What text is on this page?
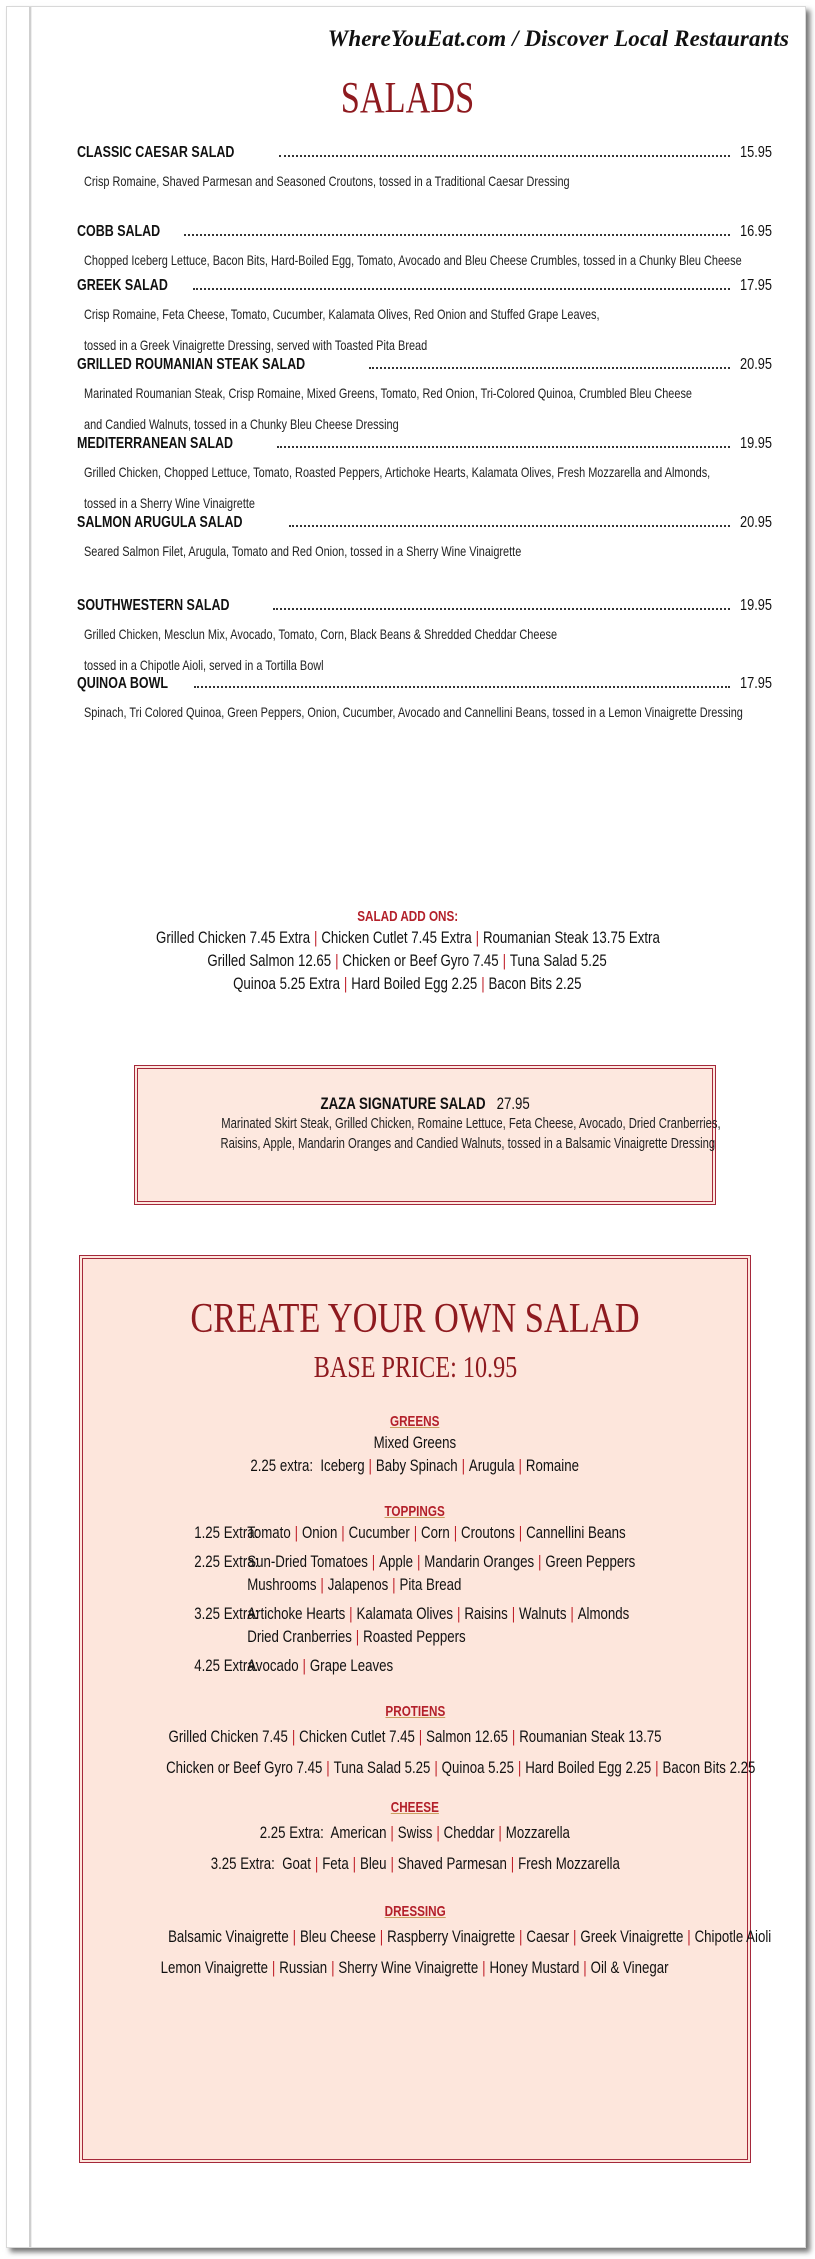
WhereYouEat.com / Discover Local Restaurants
SALADS
CLASSIC CAESAR SALAD	15.95
Crisp Romaine, Shaved Parmesan and Seasoned Croutons, tossed in a Traditional Caesar Dressing
COBB SALAD	16.95
Chopped Iceberg Lettuce, Bacon Bits, Hard-Boiled Egg, Tomato, Avocado and Bleu Cheese Crumbles, tossed in a Chunky Bleu Cheese
GREEK SALAD	17.95
Crisp Romaine, Feta Cheese, Tomato, Cucumber, Kalamata Olives, Red Onion and Stuffed Grape Leaves,
tossed in a Greek Vinaigrette Dressing, served with Toasted Pita Bread
GRILLED ROUMANIAN STEAK SALAD	20.95
Marinated Roumanian Steak, Crisp Romaine, Mixed Greens, Tomato, Red Onion, Tri-Colored Quinoa, Crumbled Bleu Cheese
and Candied Walnuts, tossed in a Chunky Bleu Cheese Dressing
MEDITERRANEAN SALAD	19.95
Grilled Chicken, Chopped Lettuce, Tomato, Roasted Peppers, Artichoke Hearts, Kalamata Olives, Fresh Mozzarella and Almonds,
tossed in a Sherry Wine Vinaigrette
SALMON ARUGULA SALAD	20.95
Seared Salmon Filet, Arugula, Tomato and Red Onion, tossed in a Sherry Wine Vinaigrette
SOUTHWESTERN SALAD	19.95
Grilled Chicken, Mesclun Mix, Avocado, Tomato, Corn, Black Beans & Shredded Cheddar Cheese
tossed in a Chipotle Aioli, served in a Tortilla Bowl
QUINOA BOWL	17.95
Spinach, Tri Colored Quinoa, Green Peppers, Onion, Cucumber, Avocado and Cannellini Beans, tossed in a Lemon Vinaigrette Dressing
SALAD ADD ONS:
Grilled Chicken 7.45 Extra | Chicken Cutlet 7.45 Extra | Roumanian Steak 13.75 Extra
Grilled Salmon 12.65 | Chicken or Beef Gyro 7.45 | Tuna Salad 5.25
Quinoa 5.25 Extra | Hard Boiled Egg 2.25 | Bacon Bits 2.25
ZAZA SIGNATURE SALAD 27.95
Marinated Skirt Steak, Grilled Chicken, Romaine Lettuce, Feta Cheese, Avocado, Dried Cranberries,
Raisins, Apple, Mandarin Oranges and Candied Walnuts, tossed in a Balsamic Vinaigrette Dressing
CREATE YOUR OWN SALAD
BASE PRICE: 10.95
GREENS
Mixed Greens
2.25 extra: Iceberg | Baby Spinach | Arugula | Romaine
TOPPINGS
1.25 Extra:
Tomato | Onion | Cucumber | Corn | Croutons | Cannellini Beans
2.25 Extra:
Sun-Dried Tomatoes | Apple | Mandarin Oranges | Green Peppers
Mushrooms | Jalapenos | Pita Bread
3.25 Extra:
Artichoke Hearts | Kalamata Olives | Raisins | Walnuts | Almonds
Dried Cranberries | Roasted Peppers
4.25 Extra:
Avocado | Grape Leaves
PROTIENS
Grilled Chicken 7.45 | Chicken Cutlet 7.45 | Salmon 12.65 | Roumanian Steak 13.75
Chicken or Beef Gyro 7.45 | Tuna Salad 5.25 | Quinoa 5.25 | Hard Boiled Egg 2.25 | Bacon Bits 2.25
CHEESE
2.25 Extra: American | Swiss | Cheddar | Mozzarella
3.25 Extra: Goat | Feta | Bleu | Shaved Parmesan | Fresh Mozzarella
DRESSING
Balsamic Vinaigrette | Bleu Cheese | Raspberry Vinaigrette | Caesar | Greek Vinaigrette | Chipotle Aioli
Lemon Vinaigrette | Russian | Sherry Wine Vinaigrette | Honey Mustard | Oil & Vinegar
